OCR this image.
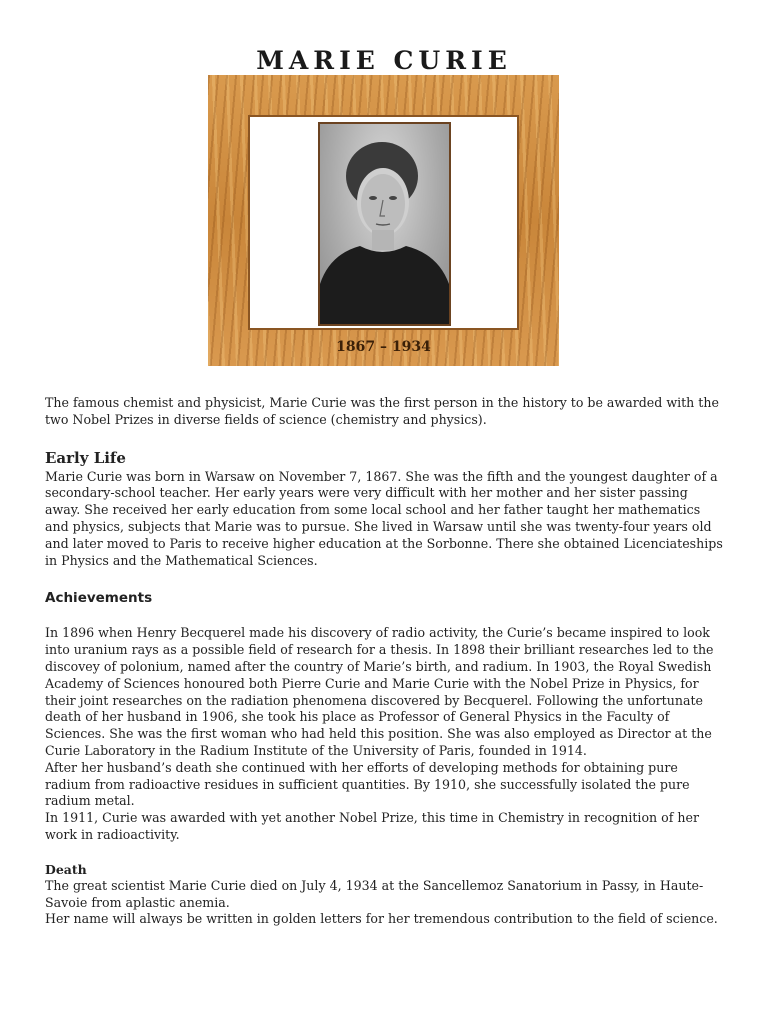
MARIE CURIE
1867 – 1934

The famous chemist and physicist, Marie Curie was the first person in the history to be awarded with the two Nobel Prizes in diverse fields of science (chemistry and physics).

Early Life

Marie Curie was born in Warsaw on November 7, 1867. She was the fifth and the youngest daughter of a secondary-school teacher. Her early years were very difficult with her mother and her sister passing away. She received her early education from some local school and her father taught her mathematics and physics, subjects that Marie was to pursue. She lived in Warsaw until she was twenty-four years old and later moved to Paris to receive higher education at the Sorbonne. There she obtained Licenciateships in Physics and the Mathematical Sciences.

Achievements

In 1896 when Henry Becquerel made his discovery of radio activity, the Curie’s became inspired to look into uranium rays as a possible field of research for a thesis. In 1898 their brilliant researches led to the discovey of polonium, named after the country of Marie’s birth, and radium. In 1903, the Royal Swedish Academy of Sciences honoured both Pierre Curie and Marie Curie with the Nobel Prize in Physics, for their joint researches on the radiation phenomena discovered by Becquerel. Following the unfortunate death of her husband in 1906, she took his place as Professor of General Physics in the Faculty of Sciences. She was the first woman who had held this position. She was also employed as Director at the Curie Laboratory in the Radium Institute of the University of Paris, founded in 1914.

After her husband’s death she continued with her efforts of developing methods for obtaining pure radium from radioactive residues in sufficient quantities. By 1910, she successfully isolated the pure radium metal.

In 1911, Curie was awarded with yet another Nobel Prize, this time in Chemistry in recognition of her work in radioactivity.

Death

The great scientist Marie Curie died on July 4, 1934 at the Sancellemoz Sanatorium in Passy, in Haute-Savoie from aplastic anemia.

Her name will always be written in golden letters for her tremendous contribution to the field of science.
